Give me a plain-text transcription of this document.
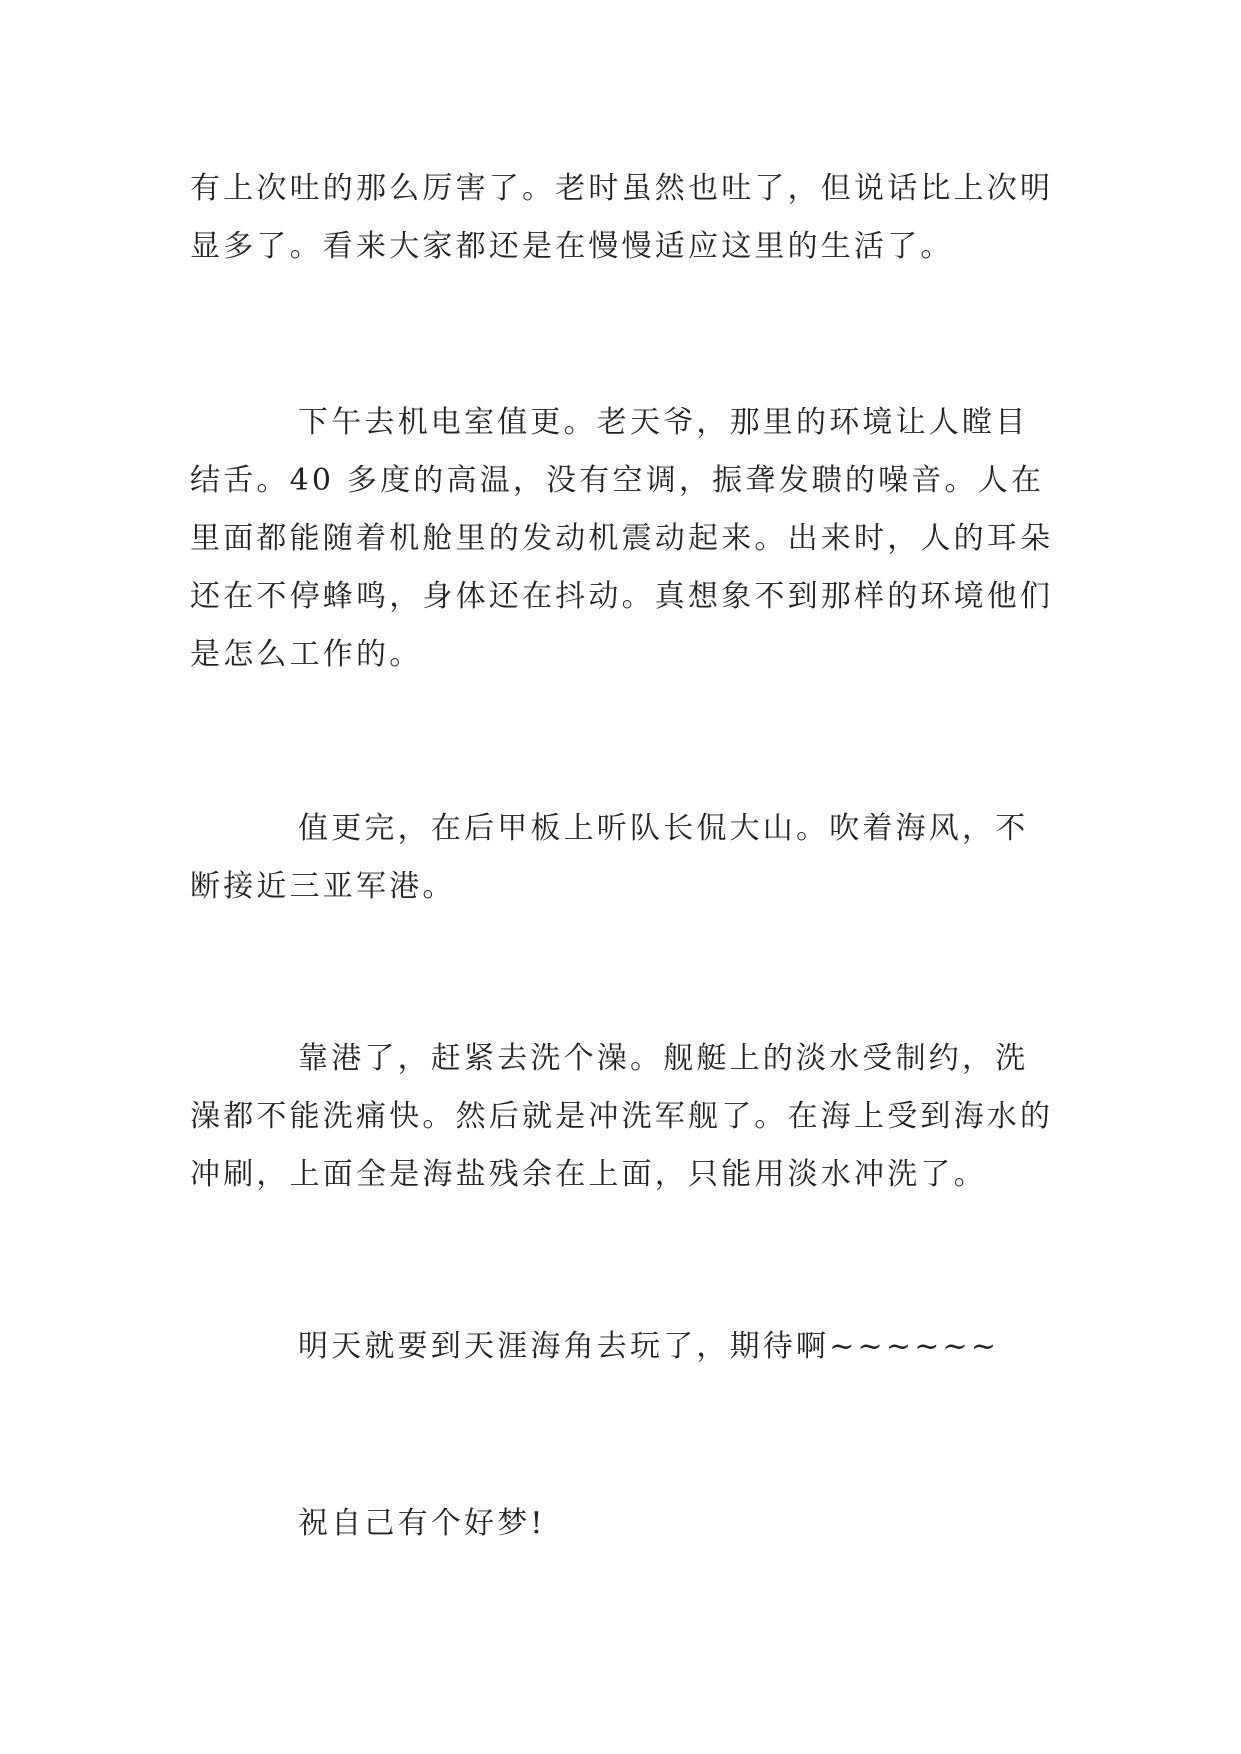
有上次吐的那么厉害了。老时虽然也吐了，但说话比上次明显多了。看来大家都还是在慢慢适应这里的生活了。

下午去机电室值更。老天爷，那里的环境让人瞠目结舌。40 多度的高温，没有空调，振聋发聩的噪音。人在里面都能随着机舱里的发动机震动起来。出来时，人的耳朵还在不停蜂鸣，身体还在抖动。真想象不到那样的环境他们是怎么工作的。

值更完，在后甲板上听队长侃大山。吹着海风，不断接近三亚军港。

靠港了，赶紧去洗个澡。舰艇上的淡水受制约，洗澡都不能洗痛快。然后就是冲洗军舰了。在海上受到海水的冲刷，上面全是海盐残余在上面，只能用淡水冲洗了。

明天就要到天涯海角去玩了，期待啊~~~~~~

祝自己有个好梦!
